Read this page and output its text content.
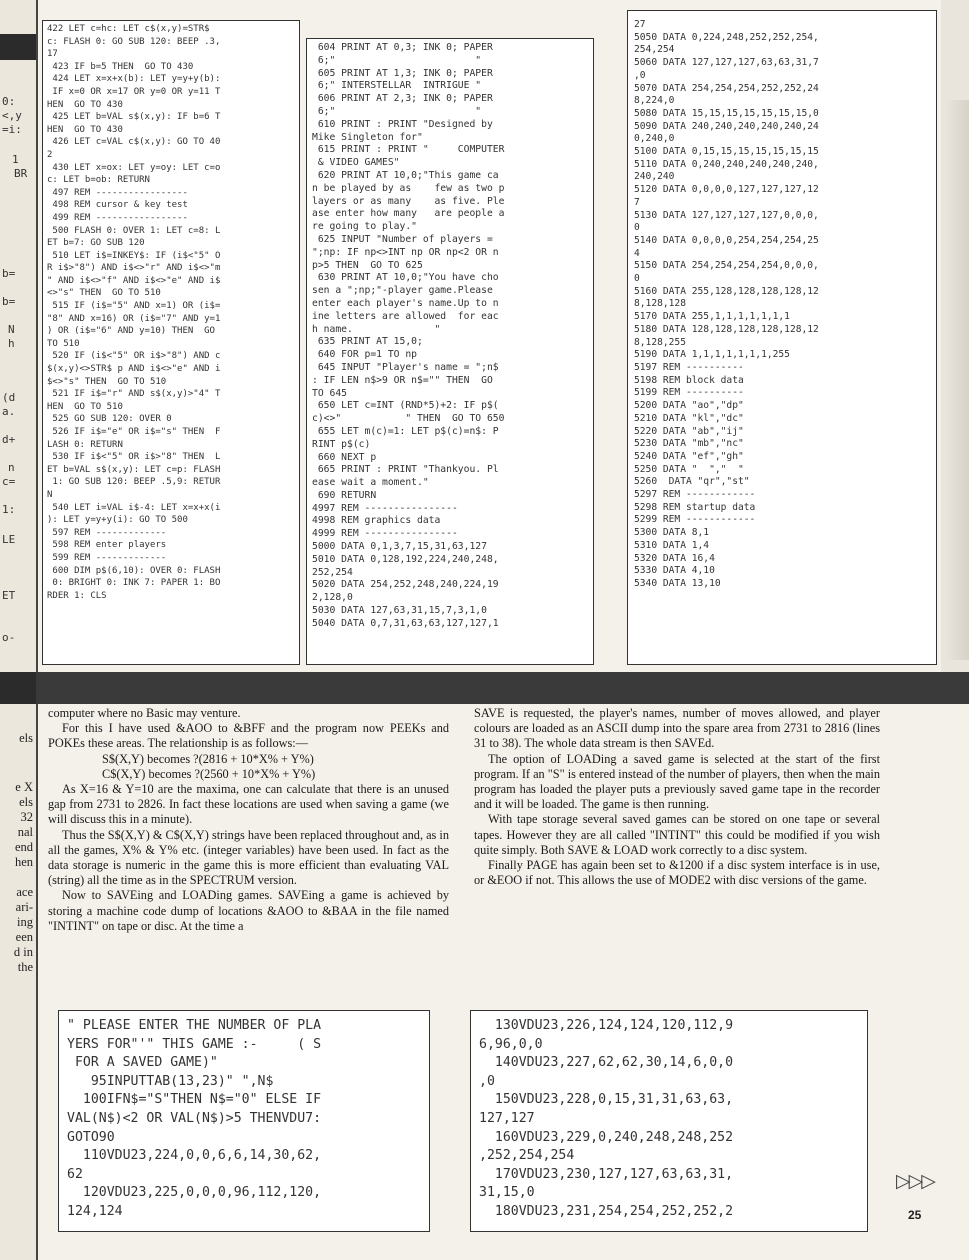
0:
<,y
=i:
1
BR
b=
b=
N
h
(d
a.
d+
n
c=
1:
LE
ET
o-
els
e X
els
32
nal
end
hen
ace
ari-
ing
een
d in
the
422 LET c=hc: LET c$(x,y)=STR$
c: FLASH 0: GO SUB 120: BEEP .3,
17
423 IF b=5 THEN  GO TO 430
424 LET x=x+x(b): LET y=y+y(b):
IF x=0 OR x=17 OR y=0 OR y=11 T
HEN  GO TO 430
425 LET b=VAL s$(x,y): IF b=6 T
HEN  GO TO 430
426 LET c=VAL c$(x,y): GO TO 40
2
430 LET x=ox: LET y=oy: LET c=o
c: LET b=ob: RETURN
497 REM -----------------
498 REM cursor & key test
499 REM -----------------
500 FLASH 0: OVER 1: LET c=8: L
ET b=7: GO SUB 120
510 LET i$=INKEY$: IF (i$<"5" O
R i$>"8") AND i$<>"r" AND i$<>"m
" AND i$<>"f" AND i$<>"e" AND i$
<>"s" THEN  GO TO 510
515 IF (i$="5" AND x=1) OR (i$=
"8" AND x=16) OR (i$="7" AND y=1
) OR (i$="6" AND y=10) THEN  GO
TO 510
520 IF (i$<"5" OR i$>"8") AND c
$(x,y)<>STR$ p AND i$<>"e" AND i
$<>"s" THEN  GO TO 510
521 IF i$="r" AND s$(x,y)>"4" T
HEN  GO TO 510
525 GO SUB 120: OVER 0
526 IF i$="e" OR i$="s" THEN  F
LASH 0: RETURN
530 IF i$<"5" OR i$>"8" THEN  L
ET b=VAL s$(x,y): LET c=p: FLASH
1: GO SUB 120: BEEP .5,9: RETUR
N
540 LET i=VAL i$-4: LET x=x+x(i
): LET y=y+y(i): GO TO 500
597 REM -------------
598 REM enter players
599 REM -------------
600 DIM p$(6,10): OVER 0: FLASH
0: BRIGHT 0: INK 7: PAPER 1: BO
RDER 1: CLS
604 PRINT AT 0,3; INK 0; PAPER
6;"                        "
605 PRINT AT 1,3; INK 0; PAPER
6;" INTERSTELLAR  INTRIGUE "
606 PRINT AT 2,3; INK 0; PAPER
6;"                        "
610 PRINT : PRINT "Designed by
Mike Singleton for"
615 PRINT : PRINT "     COMPUTER
& VIDEO GAMES"
620 PRINT AT 10,0;"This game ca
n be played by as    few as two p
layers or as many    as five. Ple
ase enter how many   are people a
re going to play."
625 INPUT "Number of players =
";np: IF np<>INT np OR np<2 OR n
p>5 THEN  GO TO 625
630 PRINT AT 10,0;"You have cho
sen a ";np;"-player game.Please
enter each player's name.Up to n
ine letters are allowed  for eac
h name.              "
635 PRINT AT 15,0;
640 FOR p=1 TO np
645 INPUT "Player's name = ";n$
: IF LEN n$>9 OR n$="" THEN  GO
TO 645
650 LET c=INT (RND*5)+2: IF p$(
c)<>"           " THEN  GO TO 650
655 LET m(c)=1: LET p$(c)=n$: P
RINT p$(c)
660 NEXT p
665 PRINT : PRINT "Thankyou. Pl
ease wait a moment."
690 RETURN
4997 REM ----------------
4998 REM graphics data
4999 REM ----------------
5000 DATA 0,1,3,7,15,31,63,127
5010 DATA 0,128,192,224,240,248,
252,254
5020 DATA 254,252,248,240,224,19
2,128,0
5030 DATA 127,63,31,15,7,3,1,0
5040 DATA 0,7,31,63,63,127,127,1
27
5050 DATA 0,224,248,252,252,254,
254,254
5060 DATA 127,127,127,63,63,31,7
,0
5070 DATA 254,254,254,252,252,24
8,224,0
5080 DATA 15,15,15,15,15,15,15,0
5090 DATA 240,240,240,240,240,24
0,240,0
5100 DATA 0,15,15,15,15,15,15,15
5110 DATA 0,240,240,240,240,240,
240,240
5120 DATA 0,0,0,0,127,127,127,12
7
5130 DATA 127,127,127,127,0,0,0,
0
5140 DATA 0,0,0,0,254,254,254,25
4
5150 DATA 254,254,254,254,0,0,0,
0
5160 DATA 255,128,128,128,128,12
8,128,128
5170 DATA 255,1,1,1,1,1,1,1
5180 DATA 128,128,128,128,128,12
8,128,255
5190 DATA 1,1,1,1,1,1,1,255
5197 REM ----------
5198 REM block data
5199 REM ----------
5200 DATA "ao","dp"
5210 DATA "kl","dc"
5220 DATA "ab","ij"
5230 DATA "mb","nc"
5240 DATA "ef","gh"
5250 DATA "  ","  "
5260  DATA "qr","st"
5297 REM ------------
5298 REM startup data
5299 REM ------------
5300 DATA 8,1
5310 DATA 1,4
5320 DATA 16,4
5330 DATA 4,10
5340 DATA 13,10

computer where no Basic may venture.

For this I have used &AOO to &BFF and the program now PEEKs and POKEs these areas. The relationship is as follows:—

S$(X,Y) becomes ?(2816 + 10*X% + Y%)

C$(X,Y) becomes ?(2560 + 10*X% + Y%)

As X=16 & Y=10 are the maxima, one can calculate that there is an unused gap from 2731 to 2826. In fact these locations are used when saving a game (we will discuss this in a minute).

Thus the S$(X,Y) & C$(X,Y) strings have been replaced throughout and, as in all the games, X% & Y% etc. (integer variables) have been used. In fact as the data storage is numeric in the game this is more efficient than evaluating VAL (string) all the time as in the SPECTRUM version.

Now to SAVEing and LOADing games. SAVEing a game is achieved by storing a machine code dump of locations &AOO to &BAA in the file named "INTINT" on tape or disc. At the time a

SAVE is requested, the player's names, number of moves allowed, and player colours are loaded as an ASCII dump into the spare area from 2731 to 2816 (lines 31 to 38). The whole data stream is then SAVEd.

The option of LOADing a saved game is selected at the start of the first program. If an "S" is entered instead of the number of players, then when the main program has loaded the player puts a previously saved game tape in the recorder and it will be loaded. The game is then running.

With tape storage several saved games can be stored on one tape or several tapes. However they are all called "INTINT" this could be modified if you wish quite simply. Both SAVE & LOAD work correctly to a disc system.

Finally PAGE has again been set to &1200 if a disc system interface is in use, or &EOO if not. This allows the use of MODE2 with disc versions of the game.

" PLEASE ENTER THE NUMBER OF PLA
YERS FOR"'" THIS GAME :-     ( S
FOR A SAVED GAME)"
95INPUTTAB(13,23)" ",N$
100IFN$="S"THEN N$="0" ELSE IF
VAL(N$)<2 OR VAL(N$)>5 THENVDU7:
GOTO90
110VDU23,224,0,0,6,6,14,30,62,
62
120VDU23,225,0,0,0,96,112,120,
124,124
130VDU23,226,124,124,120,112,9
6,96,0,0
140VDU23,227,62,62,30,14,6,0,0
,0
150VDU23,228,0,15,31,31,63,63,
127,127
160VDU23,229,0,240,248,248,252
,252,254,254
170VDU23,230,127,127,63,63,31,
31,15,0
180VDU23,231,254,254,252,252,2
▷▷▷
25
